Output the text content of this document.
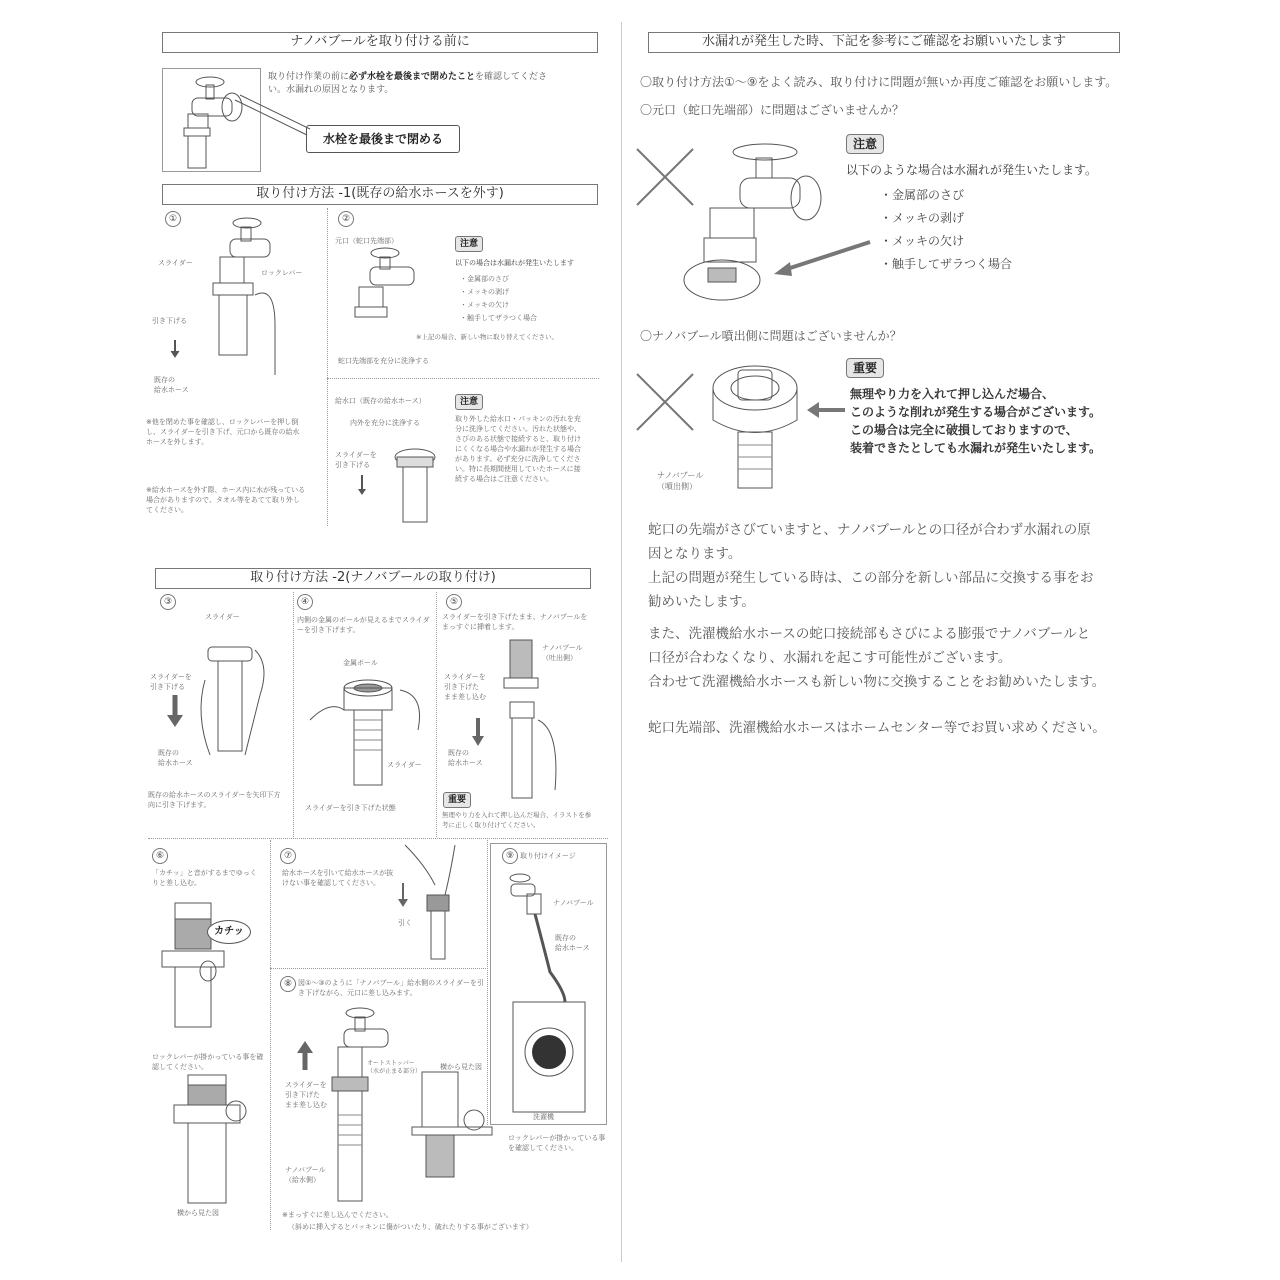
ナノバブールを取り付ける前に
取り付け作業の前に必ず水栓を最後まで閉めたことを確認してください。水漏れの原因となります。
水栓を最後まで閉める
取り付け方法 -1(既存の給水ホースを外す)
①
スライダー
ロックレバー
引き下げる
既存の
給水ホース
※他を閉めた事を確認し、ロックレバーを押し倒し、スライダーを引き下げ、元口から既存の給水ホースを外します。
※給水ホースを外す際、ホース内に水が残っている場合がありますので、タオル等をあてて取り外してください。
②
元口（蛇口先端部）	注意
以下の場合は水漏れが発生いたします
・金属部のさび
・メッキの剥げ
・メッキの欠け
・触手してザラつく場合
※上記の場合、新しい物に取り替えてください。
蛇口先端部を充分に洗浄する
給水口（既存の給水ホース）
内外を充分に洗浄する
スライダーを
引き下げる
注意
取り外した給水口・パッキンの汚れを充分に洗浄してください。汚れた状態や、さびのある状態で接続すると、取り付けにくくなる場合や水漏れが発生する場合があります。必ず充分に洗浄してください。特に長期間使用していたホースに接続する場合はご注意ください。
取り付け方法 -2(ナノバブールの取り付け)
③
スライダー
スライダーを
引き下げる
既存の
給水ホース
既存の給水ホースのスライダーを矢印下方向に引き下げます。
④
内側の金属のボールが見えるまでスライダーを引き下げます。
金属ボール
スライダー
スライダーを引き下げた状態
⑤
スライダーを引き下げたまま、ナノバブールをまっすぐに挿着します。
ナノバブール
（吐出側）
スライダーを
引き下げた
まま差し込む
既存の
給水ホース
重要
無理やり力を入れて押し込んだ場合、イラストを参考に正しく取り付けてください。
⑥
「カチッ」と音がするまでゆっくりと差し込む。
カチッ
ロックレバーが掛かっている事を確認してください。
横から見た図
⑦
給水ホースを引いて給水ホースが抜けない事を確認してください。
引く
⑧ 図①〜③のように「ナノバブール」給水側のスライダーを引き下げながら、元口に差し込みます。
オートストッパー
（水が止まる部分）
スライダーを
引き下げた
まま差し込む
ナノバブール
（給水側）
横から見た図
ロックレバーが掛かっている事を確認してください。
※まっすぐに差し込んでください。
（斜めに挿入するとパッキンに傷がついたり、破れたりする事がございます）
⑨ 取り付けイメージ
ナノバブール
既存の
給水ホース
洗濯機
水漏れが発生した時、下記を参考にご確認をお願いいたします
〇取り付け方法①〜⑨をよく読み、取り付けに問題が無いか再度ご確認をお願いします。
〇元口（蛇口先端部）に問題はございませんか？
注意
以下のような場合は水漏れが発生いたします。
・金属部のさび
・メッキの剥げ
・メッキの欠け
・触手してザラつく場合
〇ナノバブール噴出側に問題はございませんか？
ナノバブール
（噴出側）
重要
無理やり力を入れて押し込んだ場合、
このような削れが発生する場合がございます。
この場合は完全に破損しておりますので、
装着できたとしても水漏れが発生いたします。
蛇口の先端がさびていますと、ナノバブールとの口径が合わず水漏れの原
因となります。
上記の問題が発生している時は、この部分を新しい部品に交換する事をお
勧めいたします。
また、洗濯機給水ホースの蛇口接続部もさびによる膨張でナノバブールと
口径が合わなくなり、水漏れを起こす可能性がございます。
合わせて洗濯機給水ホースも新しい物に交換することをお勧めいたします。
蛇口先端部、洗濯機給水ホースはホームセンター等でお買い求めください。
